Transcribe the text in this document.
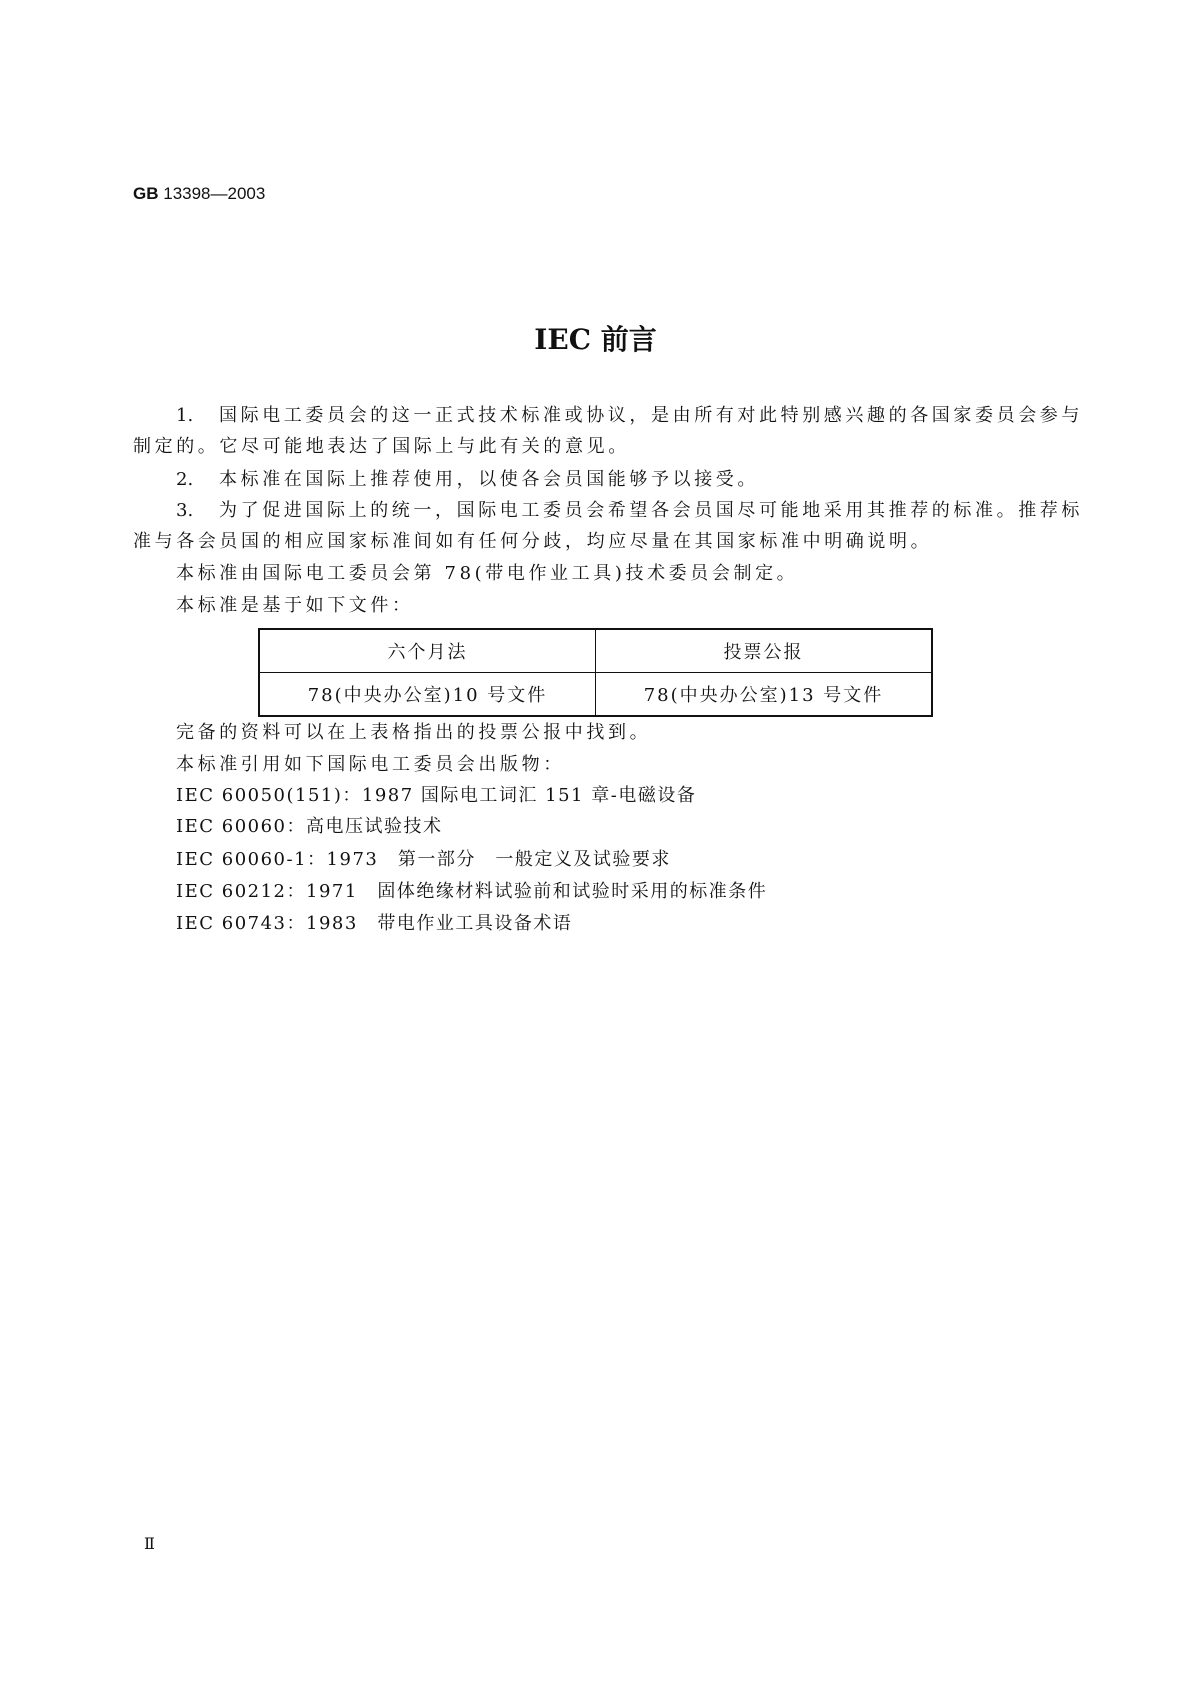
GB 13398—2003
IEC 前言
1. 国际电工委员会的这一正式技术标准或协议，是由所有对此特别感兴趣的各国家委员会参与
制定的。它尽可能地表达了国际上与此有关的意见。
2. 本标准在国际上推荐使用，以使各会员国能够予以接受。
3. 为了促进国际上的统一，国际电工委员会希望各会员国尽可能地采用其推荐的标准。推荐标
准与各会员国的相应国家标准间如有任何分歧，均应尽量在其国家标准中明确说明。
本标准由国际电工委员会第 78(带电作业工具)技术委员会制定。
本标准是基于如下文件：
六个月法	投票公报
78(中央办公室)10 号文件	78(中央办公室)13 号文件
完备的资料可以在上表格指出的投票公报中找到。
本标准引用如下国际电工委员会出版物：
IEC 60050(151)：1987 国际电工词汇 151 章-电磁设备
IEC 60060：高电压试验技术
IEC 60060-1：1973　第一部分　一般定义及试验要求
IEC 60212：1971　固体绝缘材料试验前和试验时采用的标准条件
IEC 60743：1983　带电作业工具设备术语
Ⅱ
